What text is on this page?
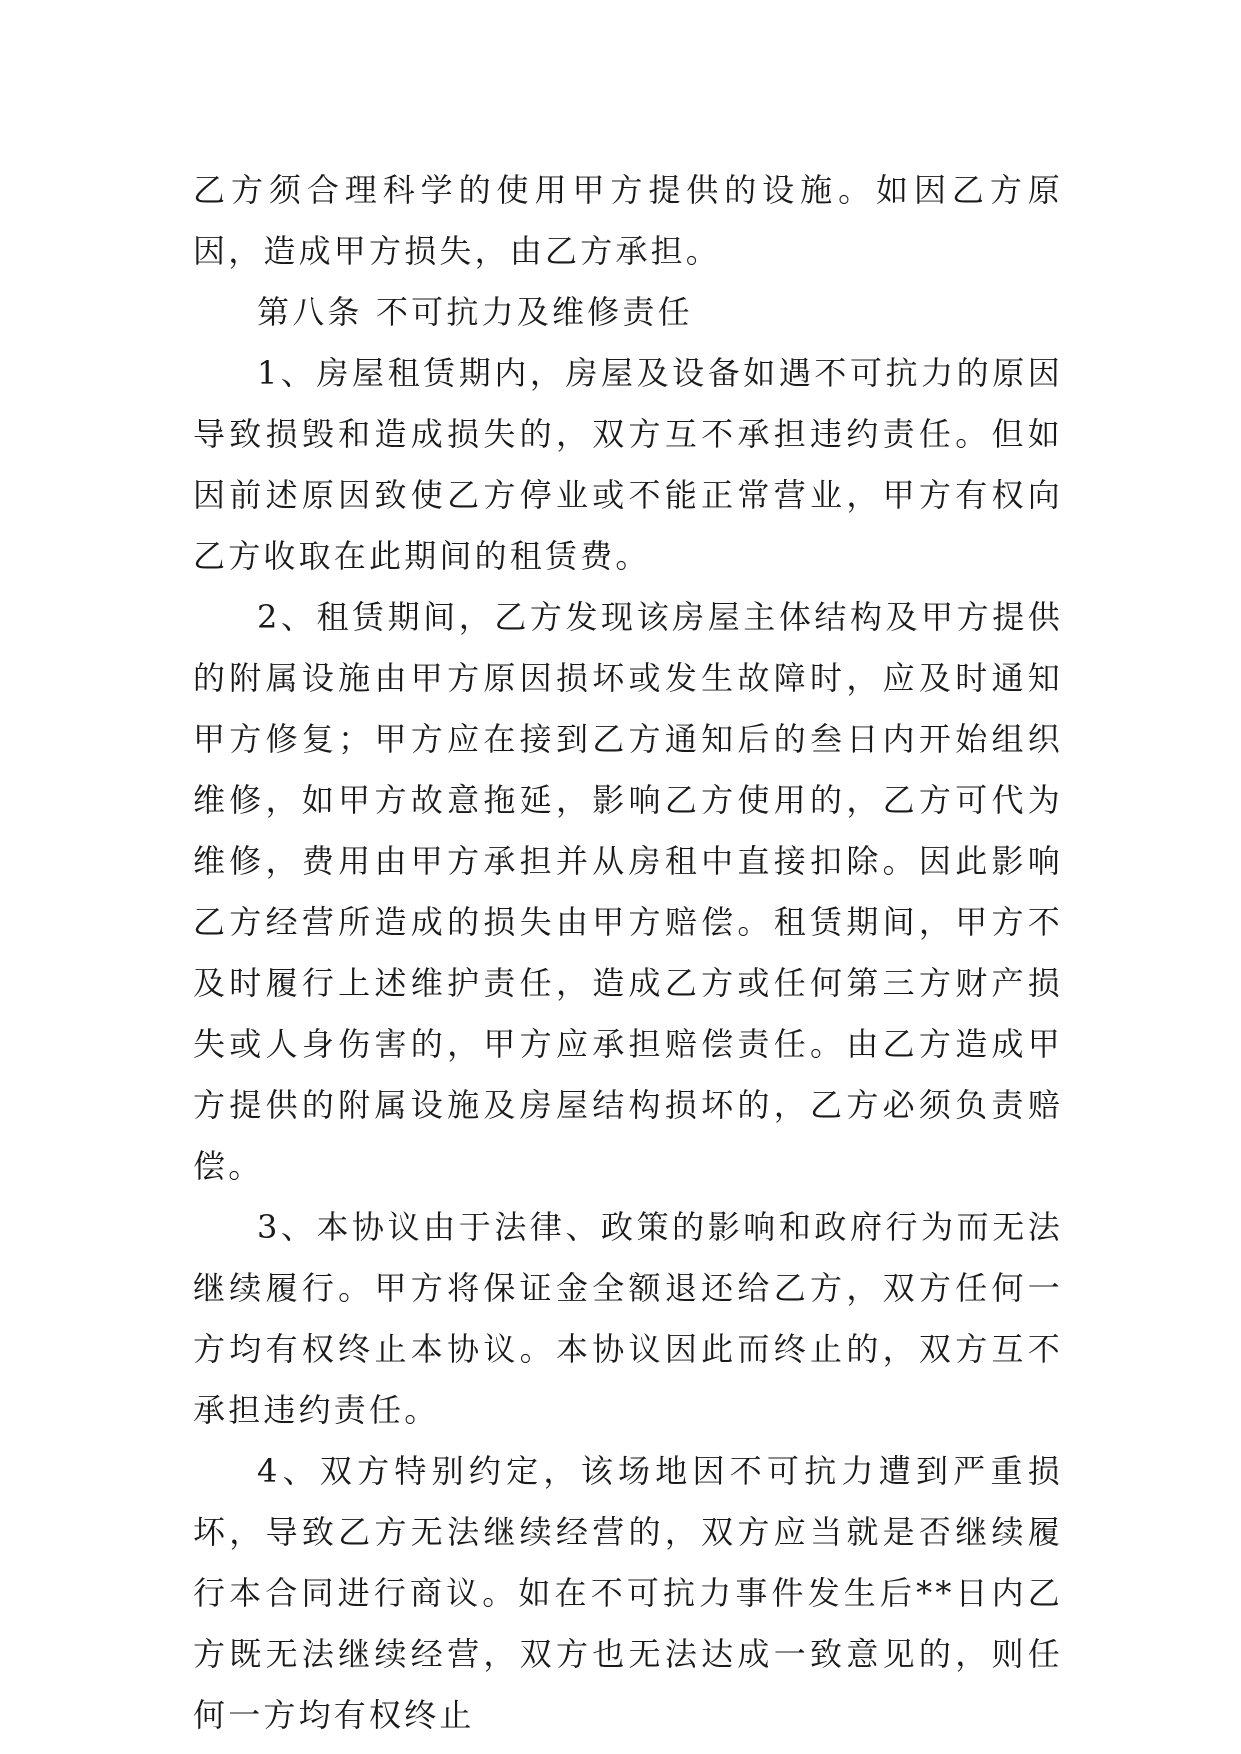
乙方须合理科学的使用甲方提供的设施。如因乙方原因，造成甲方损失，由乙方承担。

第八条 不可抗力及维修责任

1、房屋租赁期内，房屋及设备如遇不可抗力的原因导致损毁和造成损失的，双方互不承担违约责任。但如因前述原因致使乙方停业或不能正常营业，甲方有权向乙方收取在此期间的租赁费。

2、租赁期间，乙方发现该房屋主体结构及甲方提供的附属设施由甲方原因损坏或发生故障时，应及时通知甲方修复；甲方应在接到乙方通知后的叁日内开始组织维修，如甲方故意拖延，影响乙方使用的，乙方可代为维修，费用由甲方承担并从房租中直接扣除。因此影响乙方经营所造成的损失由甲方赔偿。租赁期间，甲方不及时履行上述维护责任，造成乙方或任何第三方财产损失或人身伤害的，甲方应承担赔偿责任。由乙方造成甲方提供的附属设施及房屋结构损坏的，乙方必须负责赔偿。

3、本协议由于法律、政策的影响和政府行为而无法继续履行。甲方将保证金全额退还给乙方，双方任何一方均有权终止本协议。本协议因此而终止的，双方互不承担违约责任。

4、双方特别约定，该场地因不可抗力遭到严重损坏，导致乙方无法继续经营的，双方应当就是否继续履行本合同进行商议。如在不可抗力事件发生后**日内乙方既无法继续经营，双方也无法达成一致意见的，则任何一方均有权终止
